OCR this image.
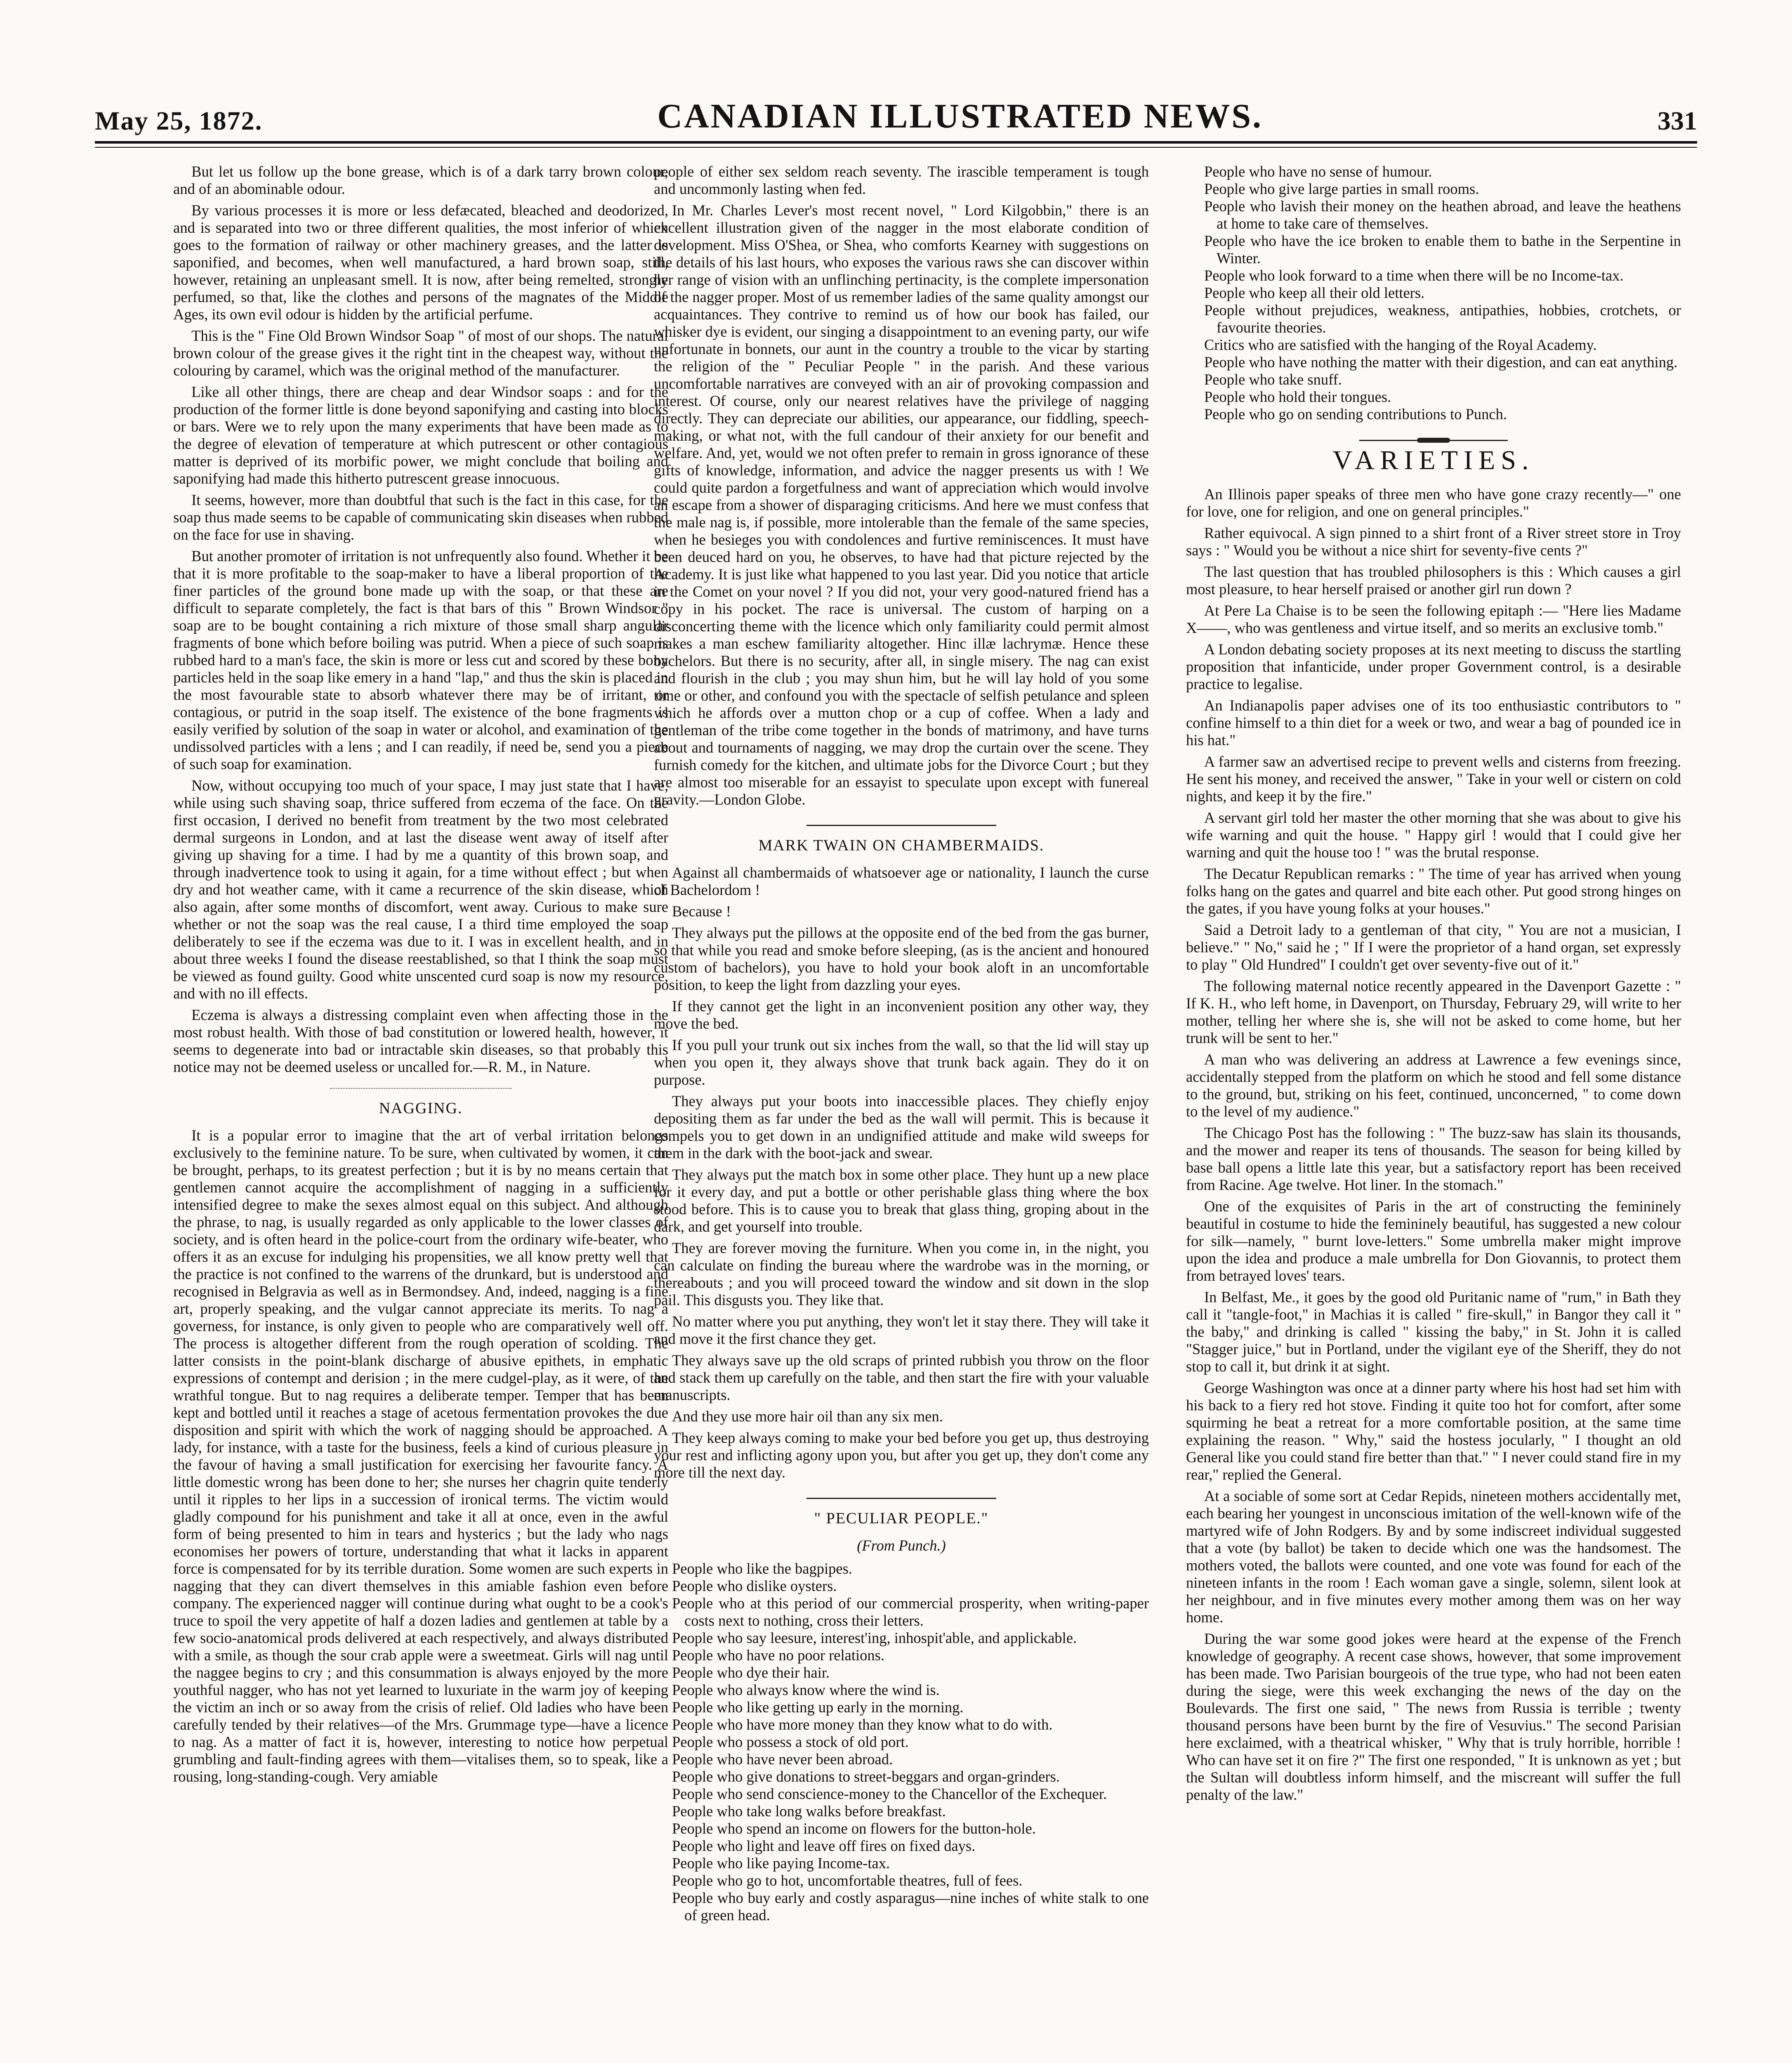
May 25, 1872.	CANADIAN ILLUSTRATED NEWS.	331

But let us follow up the bone grease, which is of a dark tarry brown colour, and of an abominable odour.

By various processes it is more or less defæcated, bleached and deodorized, and is separated into two or three different qualities, the most inferior of which goes to the formation of railway or other machinery greases, and the latter is saponified, and becomes, when well manufactured, a hard brown soap, still, however, retaining an unpleasant smell. It is now, after being remelted, strongly perfumed, so that, like the clothes and persons of the magnates of the Middle Ages, its own evil odour is hidden by the artificial perfume.

This is the " Fine Old Brown Windsor Soap " of most of our shops. The natural brown colour of the grease gives it the right tint in the cheapest way, without the colouring by caramel, which was the original method of the manufacturer.

Like all other things, there are cheap and dear Windsor soaps : and for the production of the former little is done beyond saponifying and casting into blocks or bars. Were we to rely upon the many experiments that have been made as to the degree of elevation of temperature at which putrescent or other contagious matter is deprived of its morbific power, we might conclude that boiling and saponifying had made this hitherto putrescent grease innocuous.

It seems, however, more than doubtful that such is the fact in this case, for the soap thus made seems to be capable of communicating skin diseases when rubbed on the face for use in shaving.

But another promoter of irritation is not unfrequently also found. Whether it be that it is more profitable to the soap-maker to have a liberal proportion of the finer particles of the ground bone made up with the soap, or that these are difficult to separate completely, the fact is that bars of this " Brown Windsor " soap are to be bought containing a rich mixture of those small sharp angular fragments of bone which before boiling was putrid. When a piece of such soap is rubbed hard to a man's face, the skin is more or less cut and scored by these bony particles held in the soap like emery in a hand "lap," and thus the skin is placed in the most favourable state to absorb whatever there may be of irritant, or contagious, or putrid in the soap itself. The existence of the bone fragments is easily verified by solution of the soap in water or alcohol, and examination of the undissolved particles with a lens ; and I can readily, if need be, send you a piece of such soap for examination.

Now, without occupying too much of your space, I may just state that I have, while using such shaving soap, thrice suffered from eczema of the face. On the first occasion, I derived no benefit from treatment by the two most celebrated dermal surgeons in London, and at last the disease went away of itself after giving up shaving for a time. I had by me a quantity of this brown soap, and through inadvertence took to using it again, for a time without effect ; but when dry and hot weather came, with it came a recurrence of the skin disease, which also again, after some months of discomfort, went away. Curious to make sure whether or not the soap was the real cause, I a third time employed the soap deliberately to see if the eczema was due to it. I was in excellent health, and in about three weeks I found the disease reestablished, so that I think the soap must be viewed as found guilty. Good white unscented curd soap is now my resource, and with no ill effects.

Eczema is always a distressing complaint even when affecting those in the most robust health. With those of bad constitution or lowered health, however, it seems to degenerate into bad or intractable skin diseases, so that probably this notice may not be deemed useless or uncalled for.—R. M., in Nature.

NAGGING.

It is a popular error to imagine that the art of verbal irritation belongs exclusively to the feminine nature. To be sure, when cultivated by women, it can be brought, perhaps, to its greatest perfection ; but it is by no means certain that gentlemen cannot acquire the accomplishment of nagging in a sufficiently intensified degree to make the sexes almost equal on this subject. And although the phrase, to nag, is usually regarded as only applicable to the lower classes of society, and is often heard in the police-court from the ordinary wife-beater, who offers it as an excuse for indulging his propensities, we all know pretty well that the practice is not confined to the warrens of the drunkard, but is understood and recognised in Belgravia as well as in Bermondsey. And, indeed, nagging is a fine art, properly speaking, and the vulgar cannot appreciate its merits. To nag a governess, for instance, is only given to people who are comparatively well off. The process is altogether different from the rough operation of scolding. The latter consists in the point-blank discharge of abusive epithets, in emphatic expressions of contempt and derision ; in the mere cudgel-play, as it were, of the wrathful tongue. But to nag requires a deliberate temper. Temper that has been kept and bottled until it reaches a stage of acetous fermentation provokes the due disposition and spirit with which the work of nagging should be approached. A lady, for instance, with a taste for the business, feels a kind of curious pleasure in the favour of having a small justification for exercising her favourite fancy. A little domestic wrong has been done to her; she nurses her chagrin quite tenderly until it ripples to her lips in a succession of ironical terms. The victim would gladly compound for his punishment and take it all at once, even in the awful form of being presented to him in tears and hysterics ; but the lady who nags economises her powers of torture, understanding that what it lacks in apparent force is compensated for by its terrible duration. Some women are such experts in nagging that they can divert themselves in this amiable fashion even before company. The experienced nagger will continue during what ought to be a cook's truce to spoil the very appetite of half a dozen ladies and gentlemen at table by a few socio-anatomical prods delivered at each respectively, and always distributed with a smile, as though the sour crab apple were a sweetmeat. Girls will nag until the naggee begins to cry ; and this consummation is always enjoyed by the more youthful nagger, who has not yet learned to luxuriate in the warm joy of keeping the victim an inch or so away from the crisis of relief. Old ladies who have been carefully tended by their relatives—of the Mrs. Grummage type—have a licence to nag. As a matter of fact it is, however, interesting to notice how perpetual grumbling and fault-finding agrees with them—vitalises them, so to speak, like a rousing, long-standing-cough. Very amiable

people of either sex seldom reach seventy. The irascible temperament is tough and uncommonly lasting when fed.

In Mr. Charles Lever's most recent novel, " Lord Kilgobbin," there is an excellent illustration given of the nagger in the most elaborate condition of development. Miss O'Shea, or Shea, who comforts Kearney with suggestions on the details of his last hours, who exposes the various raws she can discover within her range of vision with an unflinching pertinacity, is the complete impersonation of the nagger proper. Most of us remember ladies of the same quality amongst our acquaintances. They contrive to remind us of how our book has failed, our whisker dye is evident, our singing a disappointment to an evening party, our wife unfortunate in bonnets, our aunt in the country a trouble to the vicar by starting the religion of the " Peculiar People " in the parish. And these various uncomfortable narratives are conveyed with an air of provoking compassion and interest. Of course, only our nearest relatives have the privilege of nagging directly. They can depreciate our abilities, our appearance, our fiddling, speech-making, or what not, with the full candour of their anxiety for our benefit and welfare. And, yet, would we not often prefer to remain in gross ignorance of these gifts of knowledge, information, and advice the nagger presents us with ! We could quite pardon a forgetfulness and want of appreciation which would involve an escape from a shower of disparaging criticisms. And here we must confess that the male nag is, if possible, more intolerable than the female of the same species, when he besieges you with condolences and furtive reminiscences. It must have been deuced hard on you, he observes, to have had that picture rejected by the Academy. It is just like what happened to you last year. Did you notice that article in the Comet on your novel ? If you did not, your very good-natured friend has a copy in his pocket. The race is universal. The custom of harping on a disconcerting theme with the licence which only familiarity could permit almost makes a man eschew familiarity altogether. Hinc illæ lachrymæ. Hence these bachelors. But there is no security, after all, in single misery. The nag can exist and flourish in the club ; you may shun him, but he will lay hold of you some time or other, and confound you with the spectacle of selfish petulance and spleen which he affords over a mutton chop or a cup of coffee. When a lady and gentleman of the tribe come together in the bonds of matrimony, and have turns about and tournaments of nagging, we may drop the curtain over the scene. They furnish comedy for the kitchen, and ultimate jobs for the Divorce Court ; but they are almost too miserable for an essayist to speculate upon except with funereal gravity.—London Globe.

MARK TWAIN ON CHAMBERMAIDS.

Against all chambermaids of whatsoever age or nationality, I launch the curse of Bachelordom !

Because !

They always put the pillows at the opposite end of the bed from the gas burner, so that while you read and smoke before sleeping, (as is the ancient and honoured custom of bachelors), you have to hold your book aloft in an uncomfortable position, to keep the light from dazzling your eyes.

If they cannot get the light in an inconvenient position any other way, they move the bed.

If you pull your trunk out six inches from the wall, so that the lid will stay up when you open it, they always shove that trunk back again. They do it on purpose.

They always put your boots into inaccessible places. They chiefly enjoy depositing them as far under the bed as the wall will permit. This is because it compels you to get down in an undignified attitude and make wild sweeps for them in the dark with the boot-jack and swear.

They always put the match box in some other place. They hunt up a new place for it every day, and put a bottle or other perishable glass thing where the box stood before. This is to cause you to break that glass thing, groping about in the dark, and get yourself into trouble.

They are forever moving the furniture. When you come in, in the night, you can calculate on finding the bureau where the wardrobe was in the morning, or thereabouts ; and you will proceed toward the window and sit down in the slop pail. This disgusts you. They like that.

No matter where you put anything, they won't let it stay there. They will take it and move it the first chance they get.

They always save up the old scraps of printed rubbish you throw on the floor and stack them up carefully on the table, and then start the fire with your valuable manuscripts.

And they use more hair oil than any six men.

They keep always coming to make your bed before you get up, thus destroying your rest and inflicting agony upon you, but after you get up, they don't come any more till the next day.

" PECULIAR PEOPLE."
(From Punch.)

People who like the bagpipes.

People who dislike oysters.

People who at this period of our commercial prosperity, when writing-paper costs next to nothing, cross their letters.

People who say leesure, interest'ing, inhospit'able, and applickable.

People who have no poor relations.

People who dye their hair.

People who always know where the wind is.

People who like getting up early in the morning.

People who have more money than they know what to do with.

People who possess a stock of old port.

People who have never been abroad.

People who give donations to street-beggars and organ-grinders.

People who send conscience-money to the Chancellor of the Exchequer.

People who take long walks before breakfast.

People who spend an income on flowers for the button-hole.

People who light and leave off fires on fixed days.

People who like paying Income-tax.

People who go to hot, uncomfortable theatres, full of fees.

People who buy early and costly asparagus—nine inches of white stalk to one of green head.

People who have no sense of humour.

People who give large parties in small rooms.

People who lavish their money on the heathen abroad, and leave the heathens at home to take care of themselves.

People who have the ice broken to enable them to bathe in the Serpentine in Winter.

People who look forward to a time when there will be no Income-tax.

People who keep all their old letters.

People without prejudices, weakness, antipathies, hobbies, crotchets, or favourite theories.

Critics who are satisfied with the hanging of the Royal Academy.

People who have nothing the matter with their digestion, and can eat anything.

People who take snuff.

People who hold their tongues.

People who go on sending contributions to Punch.

VARIETIES.

An Illinois paper speaks of three men who have gone crazy recently—" one for love, one for religion, and one on general principles."

Rather equivocal. A sign pinned to a shirt front of a River street store in Troy says : " Would you be without a nice shirt for seventy-five cents ?"

The last question that has troubled philosophers is this : Which causes a girl most pleasure, to hear herself praised or another girl run down ?

At Pere La Chaise is to be seen the following epitaph :— "Here lies Madame X——, who was gentleness and virtue itself, and so merits an exclusive tomb."

A London debating society proposes at its next meeting to discuss the startling proposition that infanticide, under proper Government control, is a desirable practice to legalise.

An Indianapolis paper advises one of its too enthusiastic contributors to " confine himself to a thin diet for a week or two, and wear a bag of pounded ice in his hat."

A farmer saw an advertised recipe to prevent wells and cisterns from freezing. He sent his money, and received the answer, " Take in your well or cistern on cold nights, and keep it by the fire."

A servant girl told her master the other morning that she was about to give his wife warning and quit the house. " Happy girl ! would that I could give her warning and quit the house too ! " was the brutal response.

The Decatur Republican remarks : " The time of year has arrived when young folks hang on the gates and quarrel and bite each other. Put good strong hinges on the gates, if you have young folks at your houses."

Said a Detroit lady to a gentleman of that city, " You are not a musician, I believe." " No," said he ; " If I were the proprietor of a hand organ, set expressly to play " Old Hundred" I couldn't get over seventy-five out of it."

The following maternal notice recently appeared in the Davenport Gazette : " If K. H., who left home, in Davenport, on Thursday, February 29, will write to her mother, telling her where she is, she will not be asked to come home, but her trunk will be sent to her."

A man who was delivering an address at Lawrence a few evenings since, accidentally stepped from the platform on which he stood and fell some distance to the ground, but, striking on his feet, continued, unconcerned, " to come down to the level of my audience."

The Chicago Post has the following : " The buzz-saw has slain its thousands, and the mower and reaper its tens of thousands. The season for being killed by base ball opens a little late this year, but a satisfactory report has been received from Racine. Age twelve. Hot liner. In the stomach."

One of the exquisites of Paris in the art of constructing the femininely beautiful in costume to hide the femininely beautiful, has suggested a new colour for silk—namely, " burnt love-letters." Some umbrella maker might improve upon the idea and produce a male umbrella for Don Giovannis, to protect them from betrayed loves' tears.

In Belfast, Me., it goes by the good old Puritanic name of "rum," in Bath they call it "tangle-foot," in Machias it is called " fire-skull," in Bangor they call it " the baby," and drinking is called " kissing the baby," in St. John it is called "Stagger juice," but in Portland, under the vigilant eye of the Sheriff, they do not stop to call it, but drink it at sight.

George Washington was once at a dinner party where his host had set him with his back to a fiery red hot stove. Finding it quite too hot for comfort, after some squirming he beat a retreat for a more comfortable position, at the same time explaining the reason. " Why," said the hostess jocularly, " I thought an old General like you could stand fire better than that." " I never could stand fire in my rear," replied the General.

At a sociable of some sort at Cedar Repids, nineteen mothers accidentally met, each bearing her youngest in unconscious imitation of the well-known wife of the martyred wife of John Rodgers. By and by some indiscreet individual suggested that a vote (by ballot) be taken to decide which one was the handsomest. The mothers voted, the ballots were counted, and one vote was found for each of the nineteen infants in the room ! Each woman gave a single, solemn, silent look at her neighbour, and in five minutes every mother among them was on her way home.

During the war some good jokes were heard at the expense of the French knowledge of geography. A recent case shows, however, that some improvement has been made. Two Parisian bourgeois of the true type, who had not been eaten during the siege, were this week exchanging the news of the day on the Boulevards. The first one said, " The news from Russia is terrible ; twenty thousand persons have been burnt by the fire of Vesuvius." The second Parisian here exclaimed, with a theatrical whisker, " Why that is truly horrible, horrible ! Who can have set it on fire ?" The first one responded, " It is unknown as yet ; but the Sultan will doubtless inform himself, and the miscreant will suffer the full penalty of the law."
